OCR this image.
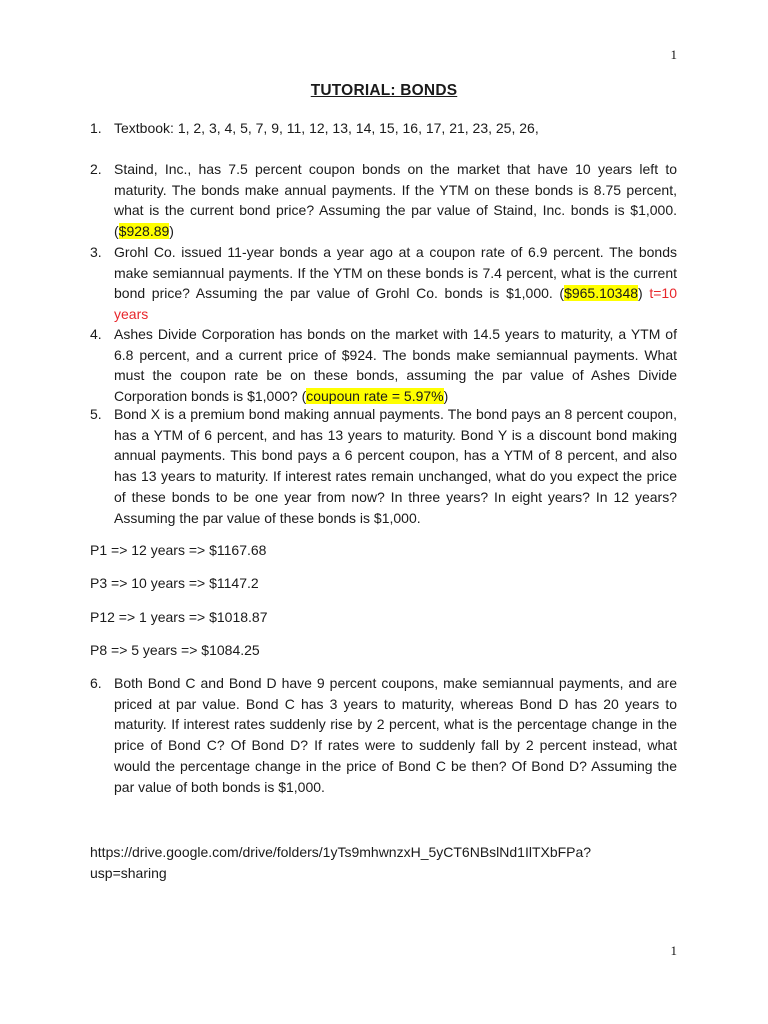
1
TUTORIAL: BONDS
1. Textbook: 1, 2, 3, 4, 5, 7, 9, 11, 12, 13, 14, 15, 16, 17, 21, 23, 25, 26,
2. Staind, Inc., has 7.5 percent coupon bonds on the market that have 10 years left to maturity. The bonds make annual payments. If the YTM on these bonds is 8.75 percent, what is the current bond price? Assuming the par value of Staind, Inc. bonds is $1,000. ($928.89)
3. Grohl Co. issued 11-year bonds a year ago at a coupon rate of 6.9 percent. The bonds make semiannual payments. If the YTM on these bonds is 7.4 percent, what is the current bond price? Assuming the par value of Grohl Co. bonds is $1,000. ($965.10348) t=10 years
4. Ashes Divide Corporation has bonds on the market with 14.5 years to maturity, a YTM of 6.8 percent, and a current price of $924. The bonds make semiannual payments. What must the coupon rate be on these bonds, assuming the par value of Ashes Divide Corporation bonds is $1,000? (coupoun rate = 5.97%)
5. Bond X is a premium bond making annual payments. The bond pays an 8 percent coupon, has a YTM of 6 percent, and has 13 years to maturity. Bond Y is a discount bond making annual payments. This bond pays a 6 percent coupon, has a YTM of 8 percent, and also has 13 years to maturity. If interest rates remain unchanged, what do you expect the price of these bonds to be one year from now? In three years? In eight years? In 12 years? Assuming the par value of these bonds is $1,000.
P1 => 12 years => $1167.68
P3 => 10 years => $1147.2
P12 => 1 years => $1018.87
P8 => 5 years => $1084.25
6. Both Bond C and Bond D have 9 percent coupons, make semiannual payments, and are priced at par value. Bond C has 3 years to maturity, whereas Bond D has 20 years to maturity. If interest rates suddenly rise by 2 percent, what is the percentage change in the price of Bond C? Of Bond D? If rates were to suddenly fall by 2 percent instead, what would the percentage change in the price of Bond C be then? Of Bond D? Assuming the par value of both bonds is $1,000.
https://drive.google.com/drive/folders/1yTs9mhwnzxH_5yCT6NBslNd1IlTXbFPa?
usp=sharing
1
